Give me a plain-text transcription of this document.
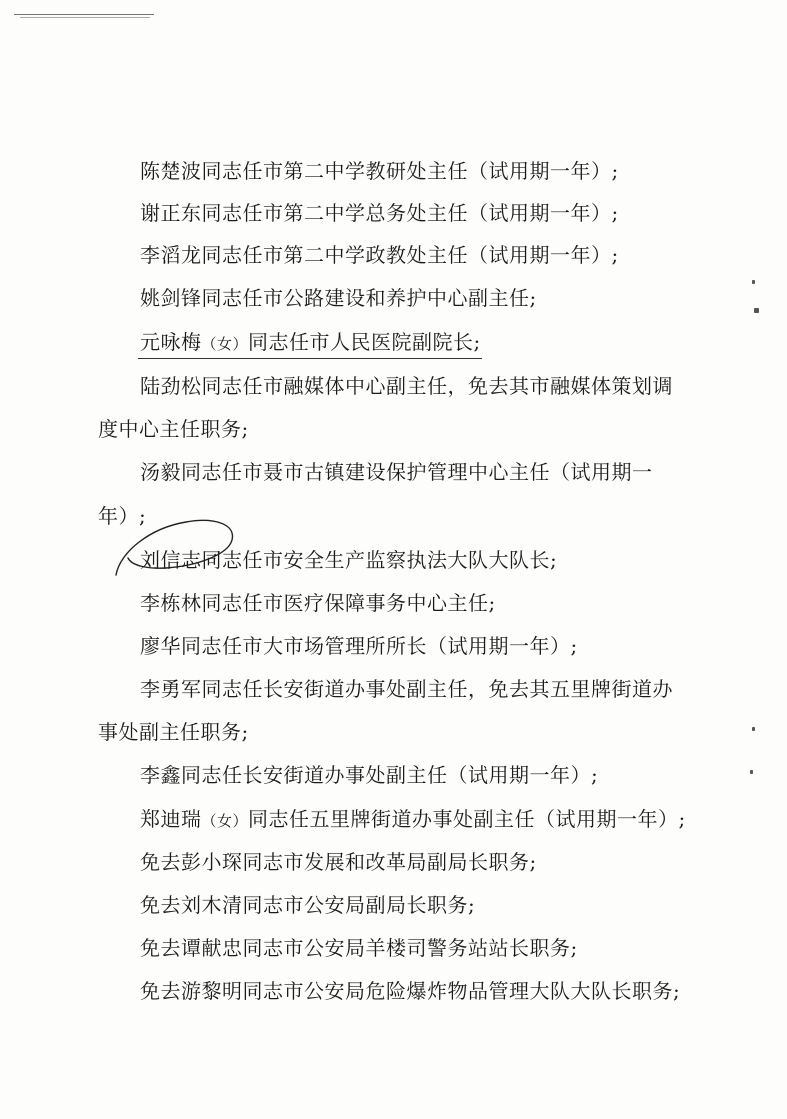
陈楚波同志任市第二中学教研处主任（试用期一年）;
谢正东同志任市第二中学总务处主任（试用期一年）;
李滔龙同志任市第二中学政教处主任（试用期一年）;
姚剑锋同志任市公路建设和养护中心副主任;
元咏梅（女）同志任市人民医院副院长;
陆劲松同志任市融媒体中心副主任，免去其市融媒体策划调
度中心主任职务;
汤毅同志任市聂市古镇建设保护管理中心主任（试用期一
年）;
刘信志同志任市安全生产监察执法大队大队长;
李栋林同志任市医疗保障事务中心主任;
廖华同志任市大市场管理所所长（试用期一年）;
李勇军同志任长安街道办事处副主任，免去其五里牌街道办
事处副主任职务;
李鑫同志任长安街道办事处副主任（试用期一年）;
郑迪瑞（女）同志任五里牌街道办事处副主任（试用期一年）;
免去彭小琛同志市发展和改革局副局长职务;
免去刘木清同志市公安局副局长职务;
免去谭献忠同志市公安局羊楼司警务站站长职务;
免去游黎明同志市公安局危险爆炸物品管理大队大队长职务;
